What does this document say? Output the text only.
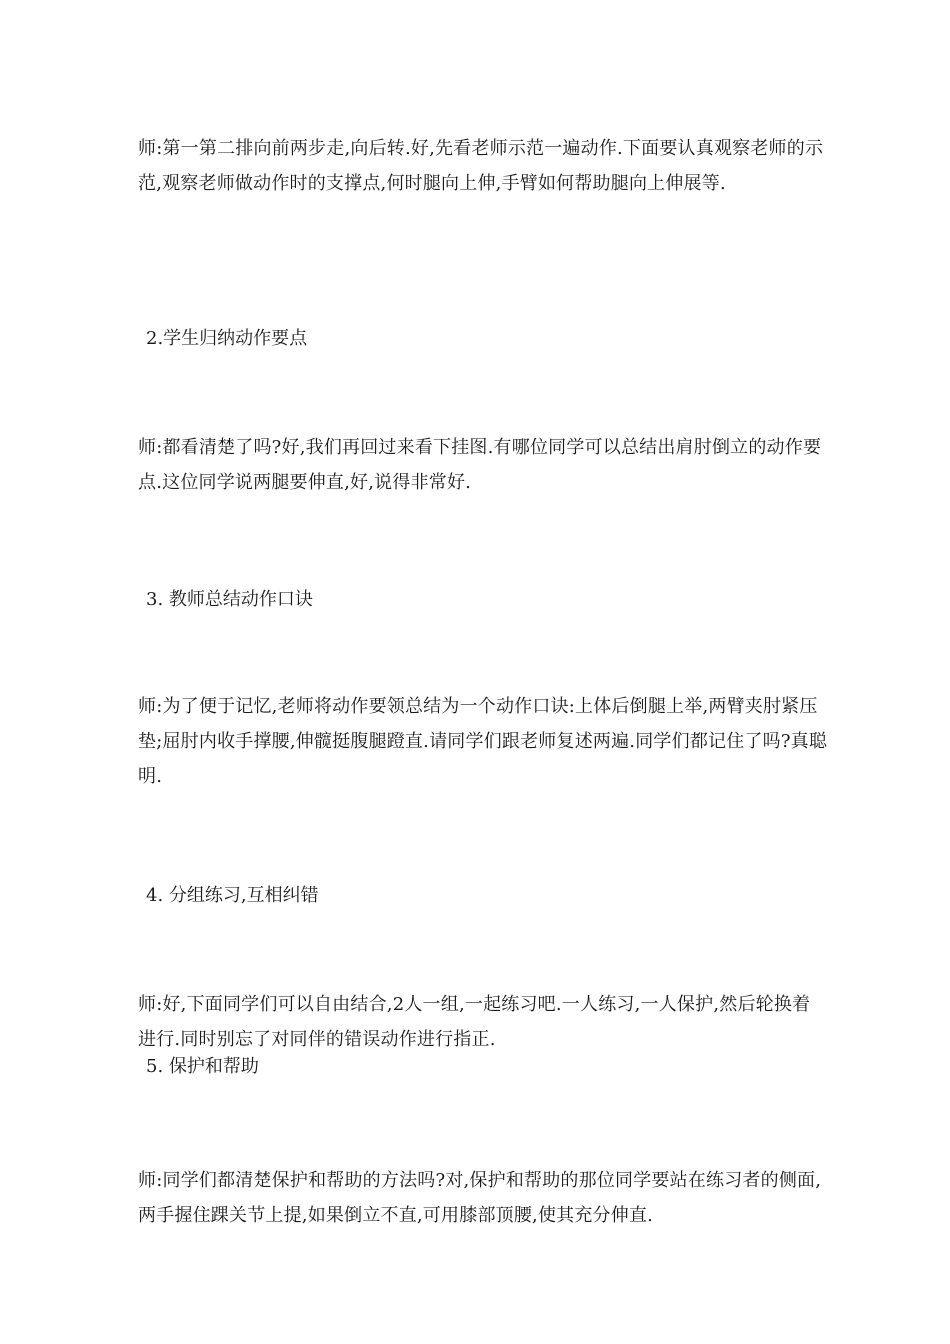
师:第一第二排向前两步走,向后转.好,先看老师示范一遍动作.下面要认真观察老师的示范,观察老师做动作时的支撑点,何时腿向上伸,手臂如何帮助腿向上伸展等.

2.学生归纳动作要点

师:都看清楚了吗?好,我们再回过来看下挂图.有哪位同学可以总结出肩肘倒立的动作要点.这位同学说两腿要伸直,好,说得非常好.

3. 教师总结动作口诀

师:为了便于记忆,老师将动作要领总结为一个动作口诀:上体后倒腿上举,两臂夹肘紧压垫;屈肘内收手撑腰,伸髋挺腹腿蹬直.请同学们跟老师复述两遍.同学们都记住了吗?真聪明.

4. 分组练习,互相纠错

师:好,下面同学们可以自由结合,2人一组,一起练习吧.一人练习,一人保护,然后轮换着进行.同时别忘了对同伴的错误动作进行指正.

5. 保护和帮助

师:同学们都清楚保护和帮助的方法吗?对,保护和帮助的那位同学要站在练习者的侧面,两手握住踝关节上提,如果倒立不直,可用膝部顶腰,使其充分伸直.
